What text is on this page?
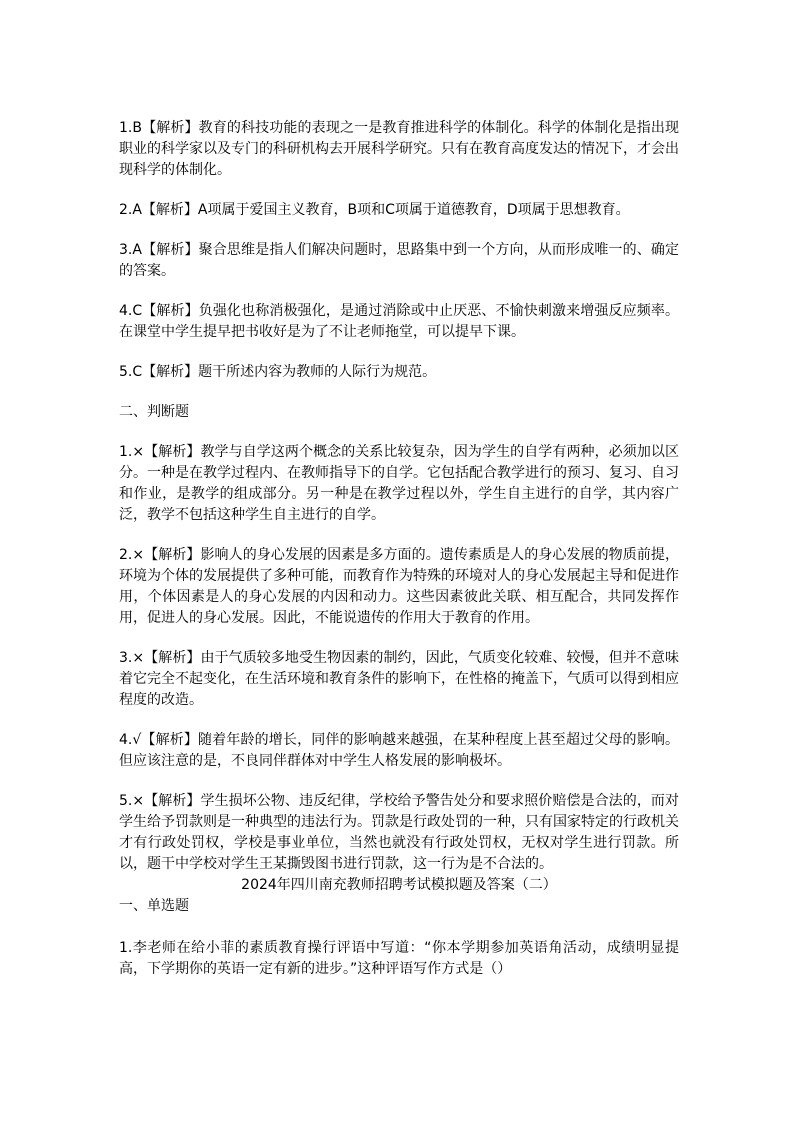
1.B【解析】教育的科技功能的表现之一是教育推进科学的体制化。科学的体制化是指出现职业的科学家以及专门的科研机构去开展科学研究。只有在教育高度发达的情况下，才会出现科学的体制化。

2.A【解析】A项属于爱国主义教育，B项和C项属于道德教育，D项属于思想教育。

3.A【解析】聚合思维是指人们解决问题时，思路集中到一个方向，从而形成唯一的、确定的答案。

4.C【解析】负强化也称消极强化，是通过消除或中止厌恶、不愉快刺激来增强反应频率。在课堂中学生提早把书收好是为了不让老师拖堂，可以提早下课。

5.C【解析】题干所述内容为教师的人际行为规范。

二、判断题

1.×【解析】教学与自学这两个概念的关系比较复杂，因为学生的自学有两种，必须加以区分。一种是在教学过程内、在教师指导下的自学。它包括配合教学进行的预习、复习、自习和作业，是教学的组成部分。另一种是在教学过程以外，学生自主进行的自学，其内容广泛，教学不包括这种学生自主进行的自学。

2.×【解析】影响人的身心发展的因素是多方面的。遗传素质是人的身心发展的物质前提，环境为个体的发展提供了多种可能，而教育作为特殊的环境对人的身心发展起主导和促进作用，个体因素是人的身心发展的内因和动力。这些因素彼此关联、相互配合，共同发挥作用，促进人的身心发展。因此，不能说遗传的作用大于教育的作用。

3.×【解析】由于气质较多地受生物因素的制约，因此，气质变化较难、较慢，但并不意味着它完全不起变化，在生活环境和教育条件的影响下，在性格的掩盖下，气质可以得到相应程度的改造。

4.√【解析】随着年龄的增长，同伴的影响越来越强，在某种程度上甚至超过父母的影响。但应该注意的是，不良同伴群体对中学生人格发展的影响极坏。

5.×【解析】学生损坏公物、违反纪律，学校给予警告处分和要求照价赔偿是合法的，而对学生给予罚款则是一种典型的违法行为。罚款是行政处罚的一种，只有国家特定的行政机关才有行政处罚权，学校是事业单位，当然也就没有行政处罚权，无权对学生进行罚款。所以，题干中学校对学生王某撕毁图书进行罚款，这一行为是不合法的。

2024年四川南充教师招聘考试模拟题及答案（二）

一、单选题

1.李老师在给小菲的素质教育操行评语中写道：“你本学期参加英语角活动，成绩明显提高，下学期你的英语一定有新的进步。”这种评语写作方式是（）
